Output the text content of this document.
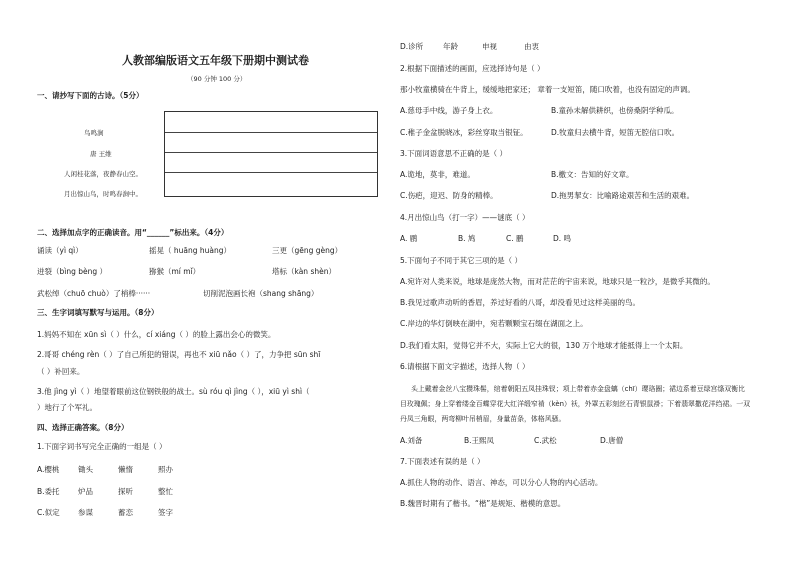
人教部编版语文五年级下册期中测试卷
（90 分钟 100 分）
一、请抄写下面的古诗。（5分）
鸟鸣涧
唐 王维
人闲桂花落，夜静春山空。
月出惊山鸟，时鸣春涧中。
二、选择加点字的正确读音。用“______”标出来。（4分）
诵读（yì qì）	摇晃（ huāng huàng）	三更（gēng gèng）
迸裂（bìng bèng ）	猕猴（mí mǐ）	塔标（kàn shèn）
武松绰（chuō chuò）了梢棒······	切削泥泡画长袍（shang shāng）
三、生字词填写默写与运用。（8分）
1.妈妈不知在 xūn sì（ ）什么，cí xiáng（ ）的脸上露出会心的微笑。
2.哥哥 chéng rèn（ ）了自己所犯的错误，再也不 xiū nǎo（ ）了，力争把 sūn shī
（ ）补回来。
3.他 jìng yì（ ）地望着眼前这位钢铁般的战士。sù róu qì jìng（ ），xiū yì shì（
）地行了个军礼。
四、选择正确答案。（8分）
1.下面字词书写完全正确的一组是（ ）
A.樱桃 锄头	懒惰	照办
B.委托 炉品	探听	整忙
C.似定 参谋	蓄恋	签字
D.诊所	年龄	申视	由衷
2.根据下面描述的画面，应选择诗句是（ ）
那小牧童横骑在牛背上，缓缓地把家还； 章着一支短笛，随口吹着，也没有固定的声调。
A.慈母手中线，游子身上衣。	B.童孙未解供耕织，也傍桑阴学种瓜。
C.稚子金盆脱晓冰，彩丝穿取当银钲。	D.牧童归去横牛背，短笛无腔信口吹。
3.下面词语意思不正确的是（ ）
A.诡地，莫非，难道。	B.檄文：告知的好文章。
C.伤疤，迎迟、防身的精棒。	D.拖男挈女：比喻路途艰苦和生活的艰难。
4.月出惊山鸟（打一字）——谜底（ ）
A. 鹛	B. 鸠	C. 鹏	D. 鸣
5.下面句子不同于其它三项的是（ ）
A.宛许对人类来说，地球是庞然大物，而对茫茫的宇宙来说，地球只是一粒沙，是微乎其微的。
B.我见过歌声动听的香眉，养过好看的八哥，却没看见过这样美丽的鸟。
C.岸边的华灯倒映在湖中，宛若颗颗宝石缀在湖面之上。
D.我们看太阳，觉得它并不大，实际上它大的很，130 万个地球才能抵得上一个太阳。
6.请根据下面文字描述，选择人物（ ）
头上戴着金丝八宝攒珠髻，绾着朝阳五凤挂珠钗；项上带着赤金盘螭（chī）璎珞圈；裙边系着豆绿宫绦双衡比
目玫瑰佩；身上穿着缕金百蝶穿花大红洋缎窄褃（kèn）袄，外罩五彩刻丝石青银鼠褂；下着翡翠撒花洋绉裙。一双
丹凤三角眼，两弯柳叶吊梢眉，身量苗条，体格风骚。
A.刘备	B.王熙凤	C.武松	D.唐僧
7.下面表述有误的是（ ）
A.抓住人物的动作、语言、神态，可以分心人物的内心活动。
B.魏晋时期有了楷书。“楷”是规矩、楷模的意思。
